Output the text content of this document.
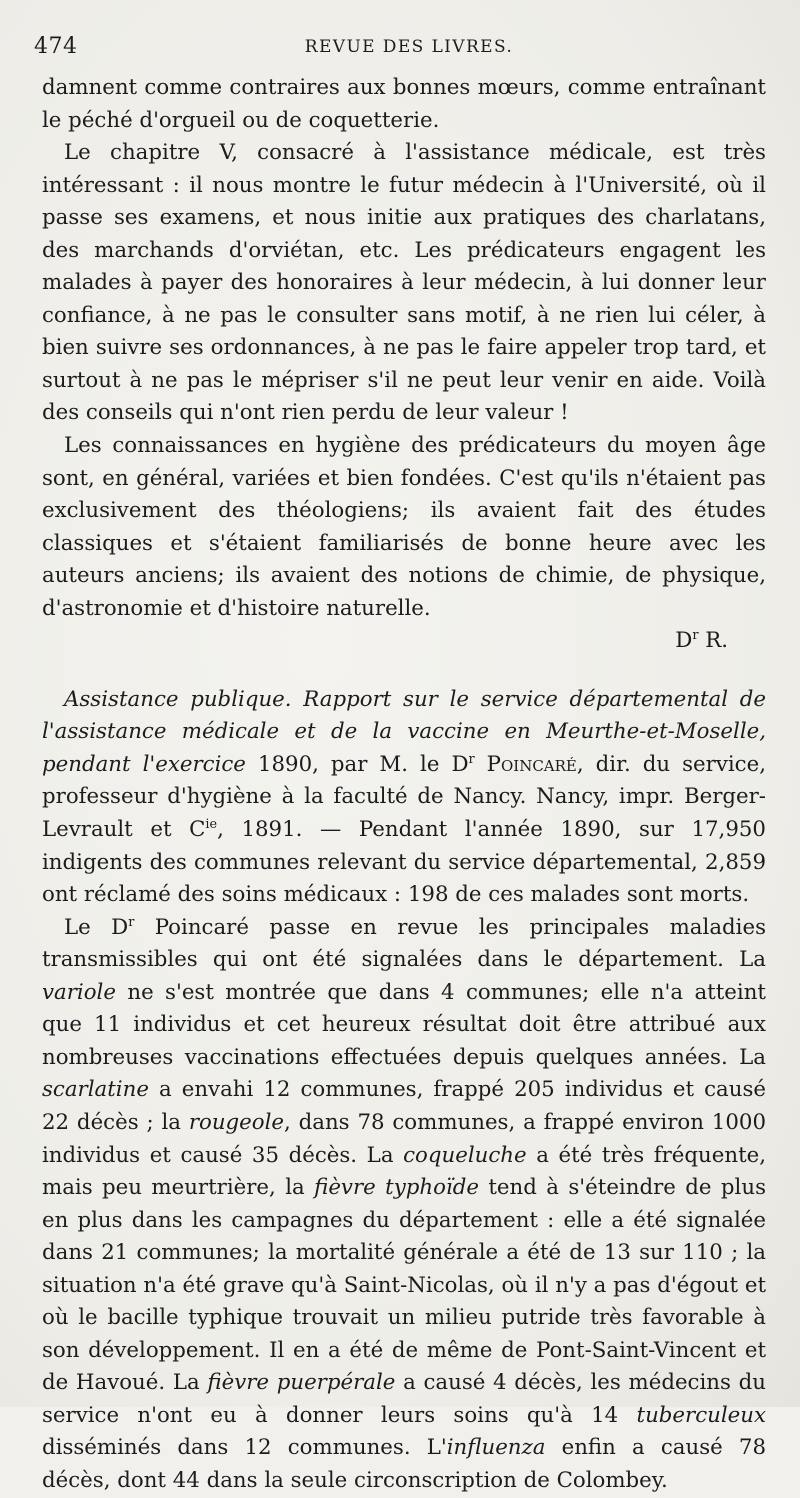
474	REVUE DES LIVRES.

damnent comme contraires aux bonnes mœurs, comme entraînant le péché d'orgueil ou de coquetterie.

Le chapitre V, consacré à l'assistance médicale, est très intéressant : il nous montre le futur médecin à l'Université, où il passe ses examens, et nous initie aux pratiques des charlatans, des marchands d'orviétan, etc. Les prédicateurs engagent les malades à payer des honoraires à leur médecin, à lui donner leur confiance, à ne pas le consulter sans motif, à ne rien lui céler, à bien suivre ses ordonnances, à ne pas le faire appeler trop tard, et surtout à ne pas le mépriser s'il ne peut leur venir en aide. Voilà des conseils qui n'ont rien perdu de leur valeur !

Les connaissances en hygiène des prédicateurs du moyen âge sont, en général, variées et bien fondées. C'est qu'ils n'étaient pas exclusivement des théologiens; ils avaient fait des études classiques et s'étaient familiarisés de bonne heure avec les auteurs anciens; ils avaient des notions de chimie, de physique, d'astronomie et d'histoire naturelle.

$D^r$ R.

Assistance publique. Rapport sur le service départemental de l'assistance médicale et de la vaccine en Meurthe-et-Moselle, pendant l'exercice 1890, par M. le $D^r$ Poincaré, dir. du service, professeur d'hygiène à la faculté de Nancy. Nancy, impr. Berger-Levrault et $C^{ie}$, 1891. — Pendant l'année 1890, sur 17,950 indigents des communes relevant du service départemental, 2,859 ont réclamé des soins médicaux : 198 de ces malades sont morts.

Le $D^r$ Poincaré passe en revue les principales maladies transmissibles qui ont été signalées dans le département. La variole ne s'est montrée que dans 4 communes; elle n'a atteint que 11 individus et cet heureux résultat doit être attribué aux nombreuses vaccinations effectuées depuis quelques années. La scarlatine a envahi 12 communes, frappé 205 individus et causé 22 décès ; la rougeole, dans 78 communes, a frappé environ 1000 individus et causé 35 décès. La coqueluche a été très fréquente, mais peu meurtrière, la fièvre typhoïde tend à s'éteindre de plus en plus dans les campagnes du département : elle a été signalée dans 21 communes; la mortalité générale a été de 13 sur 110 ; la situation n'a été grave qu'à Saint-Nicolas, où il n'y a pas d'égout et où le bacille typhique trouvait un milieu putride très favorable à son développement. Il en a été de même de Pont-Saint-Vincent et de Havoué. La fièvre puerpérale a causé 4 décès, les médecins du service n'ont eu à donner leurs soins qu'à 14 tuberculeux disséminés dans 12 communes. L'influenza enfin a causé 78 décès, dont 44 dans la seule circonscription de Colombey.
